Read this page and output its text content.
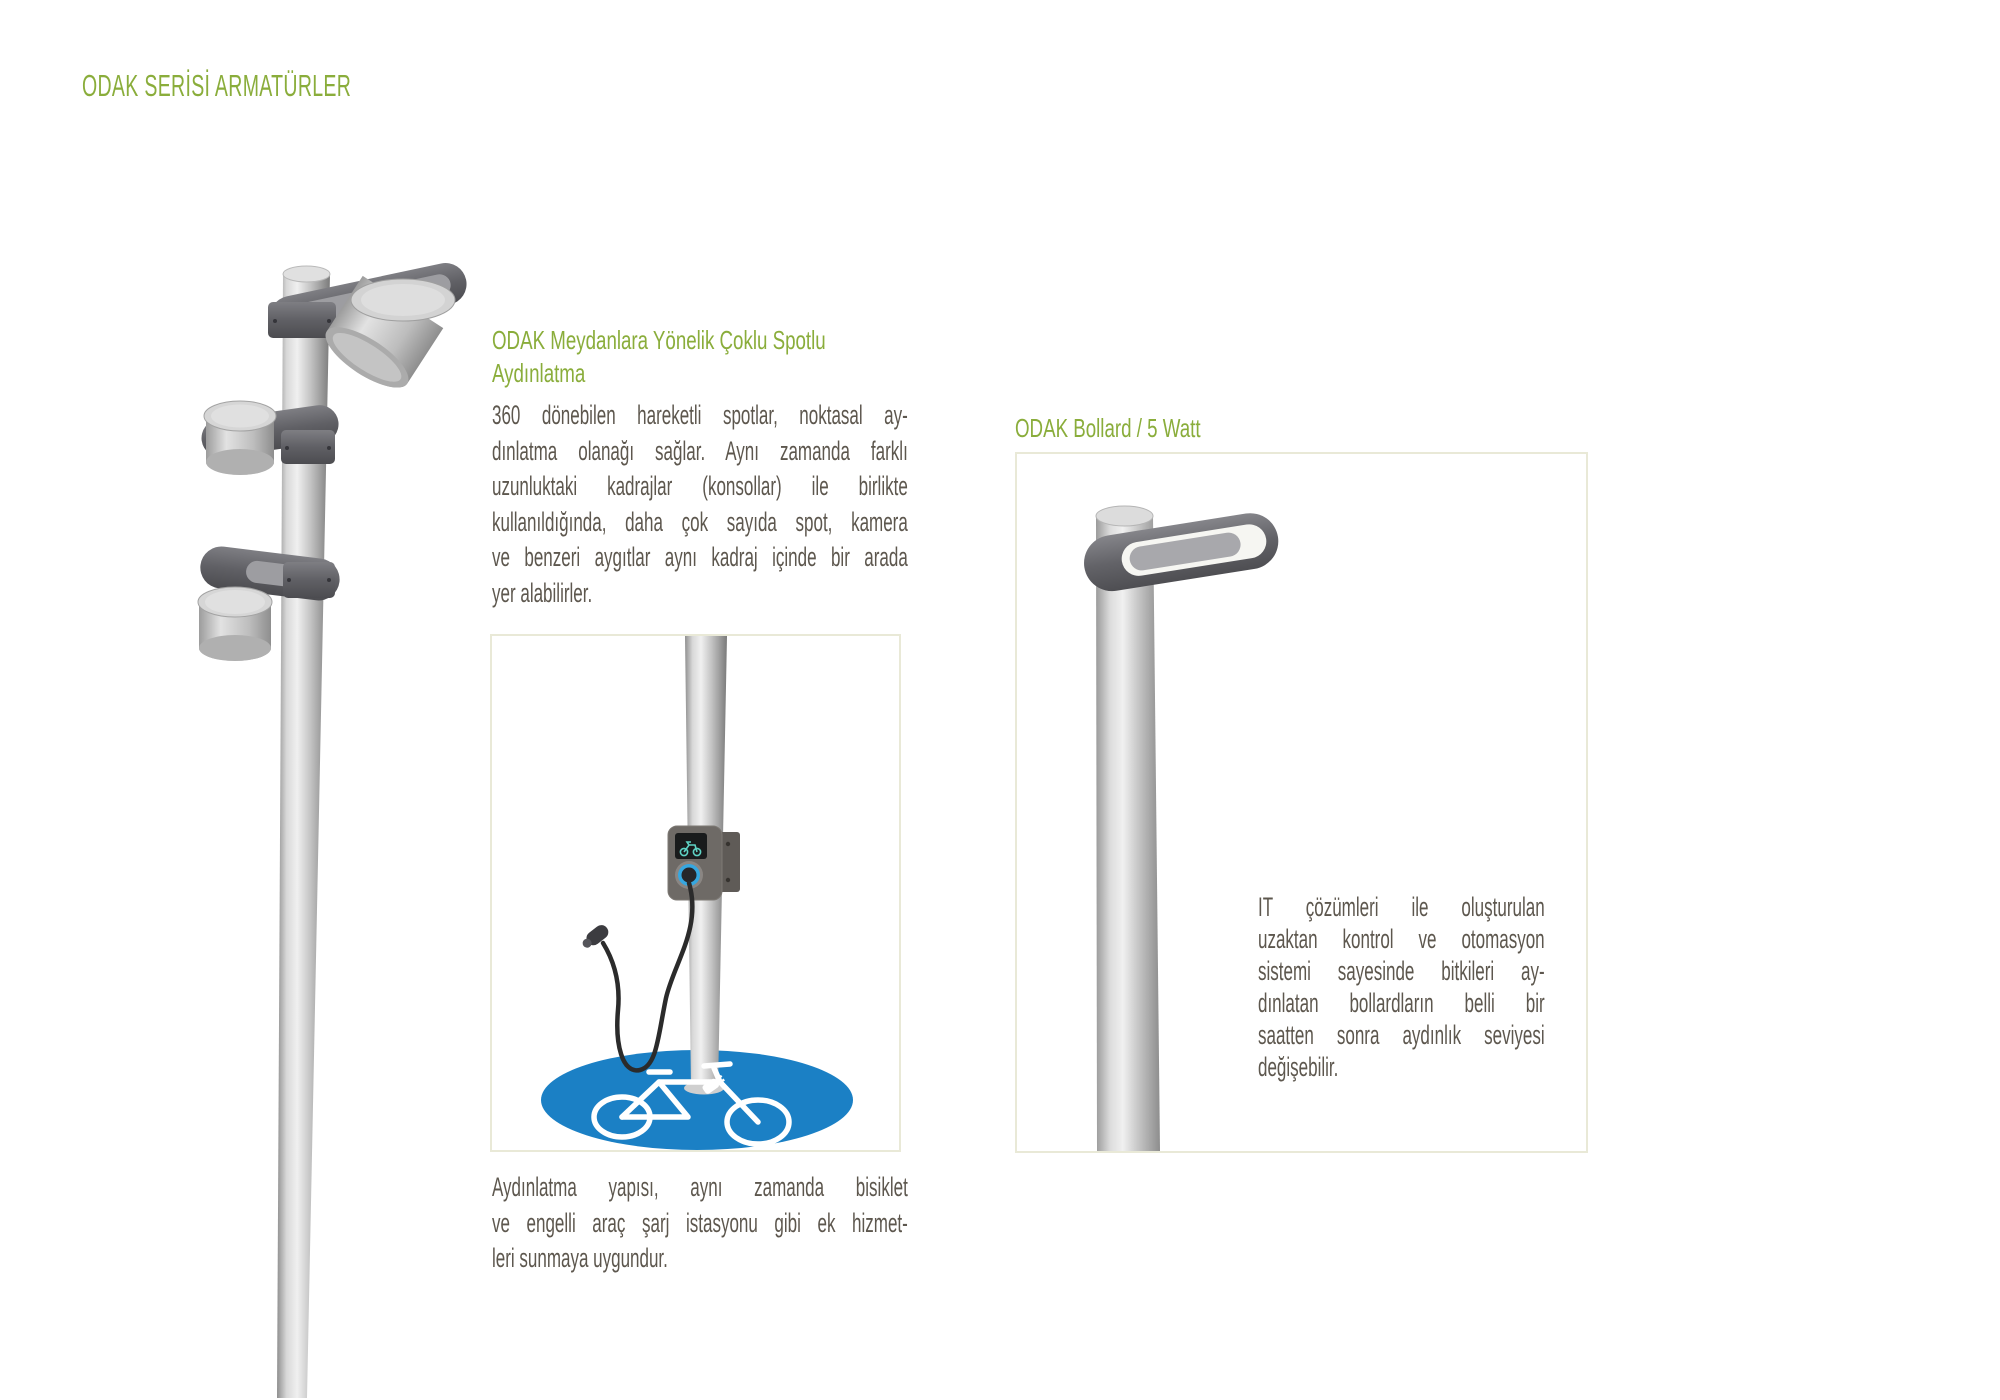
ODAK SERİSİ ARMATÜRLER
ODAK Meydanlara Yönelik Çoklu Spotlu
Aydınlatma
360 dönebilen hareketli spotlar, noktasal ay-
dınlatma olanağı sağlar. Aynı zamanda farklı
uzunluktaki kadrajlar (konsollar) ile birlikte
kullanıldığında, daha çok sayıda spot, kamera
ve benzeri aygıtlar aynı kadraj içinde bir arada
yer alabilirler.
Aydınlatma yapısı, aynı zamanda bisiklet
ve engelli araç şarj istasyonu gibi ek hizmet-
leri sunmaya uygundur.
ODAK Bollard / 5 Watt
IT çözümleri ile oluşturulan
uzaktan kontrol ve otomasyon
sistemi sayesinde bitkileri ay-
dınlatan bollardların belli bir
saatten sonra aydınlık seviyesi
değişebilir.
